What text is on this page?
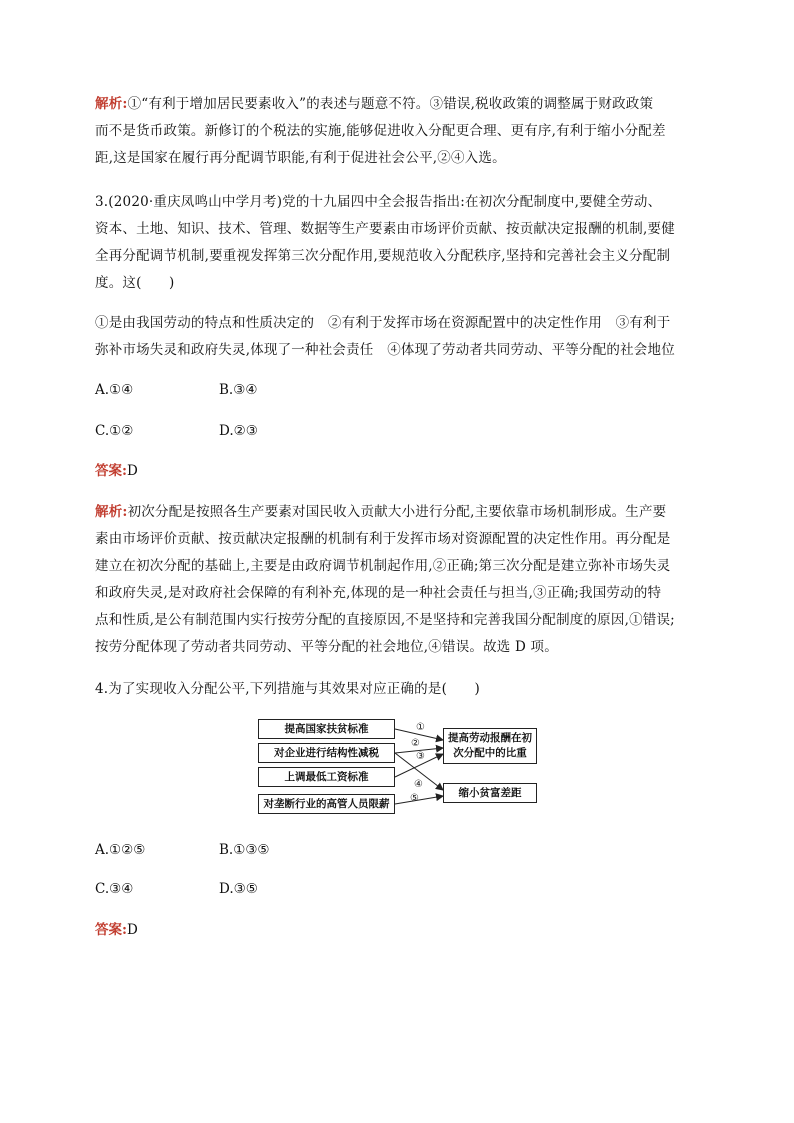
解析:①“有利于增加居民要素收入”的表述与题意不符。③错误,税收政策的调整属于财政政策
而不是货币政策。新修订的个税法的实施,能够促进收入分配更合理、更有序,有利于缩小分配差
距,这是国家在履行再分配调节职能,有利于促进社会公平,②④入选。
3.(2020·重庆凤鸣山中学月考)党的十九届四中全会报告指出:在初次分配制度中,要健全劳动、
资本、土地、知识、技术、管理、数据等生产要素由市场评价贡献、按贡献决定报酬的机制,要健
全再分配调节机制,要重视发挥第三次分配作用,要规范收入分配秩序,坚持和完善社会主义分配制
度。这(　　)
①是由我国劳动的特点和性质决定的　②有利于发挥市场在资源配置中的决定性作用　③有利于
弥补市场失灵和政府失灵,体现了一种社会责任　④体现了劳动者共同劳动、平等分配的社会地位
A.①④	B.③④
C.①②	D.②③
答案:D
解析:初次分配是按照各生产要素对国民收入贡献大小进行分配,主要依靠市场机制形成。生产要
素由市场评价贡献、按贡献决定报酬的机制有利于发挥市场对资源配置的决定性作用。再分配是
建立在初次分配的基础上,主要是由政府调节机制起作用,②正确;第三次分配是建立弥补市场失灵
和政府失灵,是对政府社会保障的有利补充,体现的是一种社会责任与担当,③正确;我国劳动的特
点和性质,是公有制范围内实行按劳分配的直接原因,不是坚持和完善我国分配制度的原因,①错误;
按劳分配体现了劳动者共同劳动、平等分配的社会地位,④错误。故选 D 项。
4.为了实现收入分配公平,下列措施与其效果对应正确的是(　　)
提高国家扶贫标准
对企业进行结构性减税
上调最低工资标准
对垄断行业的高管人员限薪
提高劳动报酬在初次分配中的比重
缩小贫富差距
①
②
③
④
⑤
A.①②⑤	B.①③⑤
C.③④	D.③⑤
答案:D
